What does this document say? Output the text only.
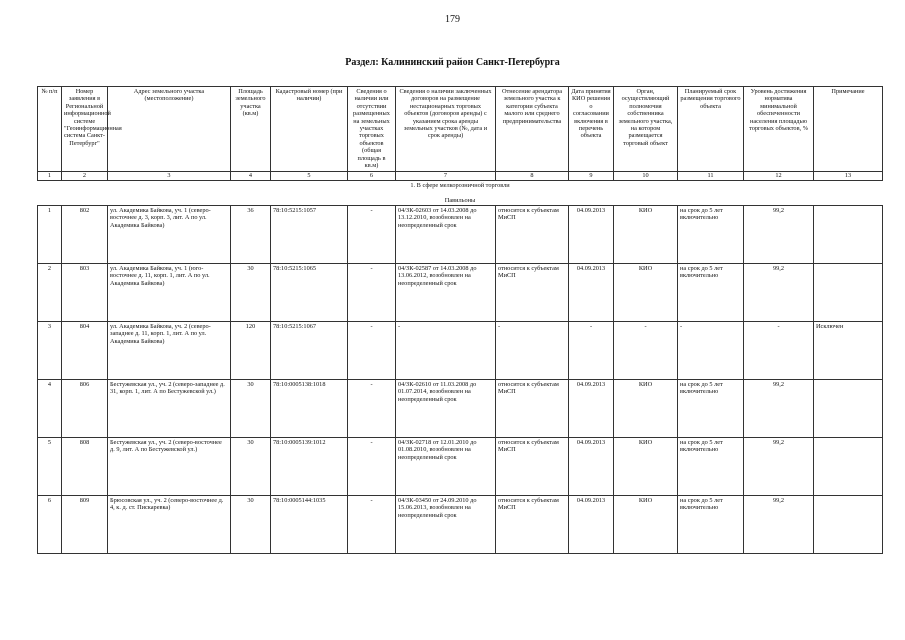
179
Раздел: Калининский район Санкт-Петербурга
№ п/п	Номер заявления в Региональной информационной системе "Геоинформационная система Санкт-Петербург"	Адрес земельного участка (местоположение)	Площадь земельного участка (кв.м)	Кадастровый номер (при наличии)	Сведения о наличии или отсутствии размещенных на земельных участках торговых объектов (общая площадь в кв.м)	Сведения о наличии заключенных договоров на размещение нестационарных торговых объектов (договоров аренды) с указанием срока аренды земельных участков (№, дата и срок аренды)	Отнесение арендатора земельного участка к категории субъекта малого или среднего предпринимательства	Дата принятия КИО решения о согласовании включения в перечень объекта	Орган, осуществляющий полномочия собственника земельного участка, на котором размещается торговый объект	Планируемый срок размещения торгового объекта	Уровень достижения норматива минимальной обеспеченности населения площадью торговых объектов, %	Примечание
1	2	3	4	5	6	7	8	9	10	11	12	13

1. В сфере мелкорозничной торговли
Павильоны												

1	802	ул. Академика Байкова, уч. 1 (северо-восточнее д. 3, корп. 3, лит. А по ул. Академика Байкова)	36	78:10:5215:1057	-	04/ЗК-02603 от 14.03.2008 до 13.12.2010, возобновлен на неопределенный срок	относится к субъектам МиСП	04.09.2013	КИО	на срок до 5 лет включительно	99,2	
2	803	ул. Академика Байкова, уч. 1 (юго-восточнее д. 11, корп. 1, лит. А по ул. Академика Байкова)	30	78:10:5215:1065	-	04/ЗК-02587 от 14.03.2008 до 13.06.2012, возобновлен на неопределенный срок	относится к субъектам МиСП	04.09.2013	КИО	на срок до 5 лет включительно	99,2	
3	804	ул. Академика Байкова, уч. 2 (северо-западнее д. 11, корп. 1, лит. А по ул. Академика Байкова)	120	78:10:5215:1067	-	-	-	-	-	-	-	Исключен
4	806	Бестужевская ул., уч. 2 (северо-западнее д. 31, корп. 1, лит. А по Бестужевской ул.)	30	78:10:0005138:1018	-	04/ЗК-02610 от 11.03.2008 до 01.07.2014, возобновлен на неопределенный срок	относится к субъектам МиСП	04.09.2013	КИО	на срок до 5 лет включительно	99,2	
5	808	Бестужевская ул., уч. 2 (северо-восточнее д. 9, лит. А по Бестужевской ул.)	30	78:10:0005139:1012	-	04/ЗК-02718 от 12.01.2010 до 01.08.2010, возобновлен на неопределенный срок	относится к субъектам МиСП	04.09.2013	КИО	на срок до 5 лет включительно	99,2	
6	809	Брюсовская ул., уч. 2 (северо-восточнее д. 4, к. д. ст. Пискаревка)	30	78:10:0005144:1035	-	04/ЗК-03450 от 24.09.2010 до 15.06.2013, возобновлен на неопределенный срок	относится к субъектам МиСП	04.09.2013	КИО	на срок до 5 лет включительно	99,2	
